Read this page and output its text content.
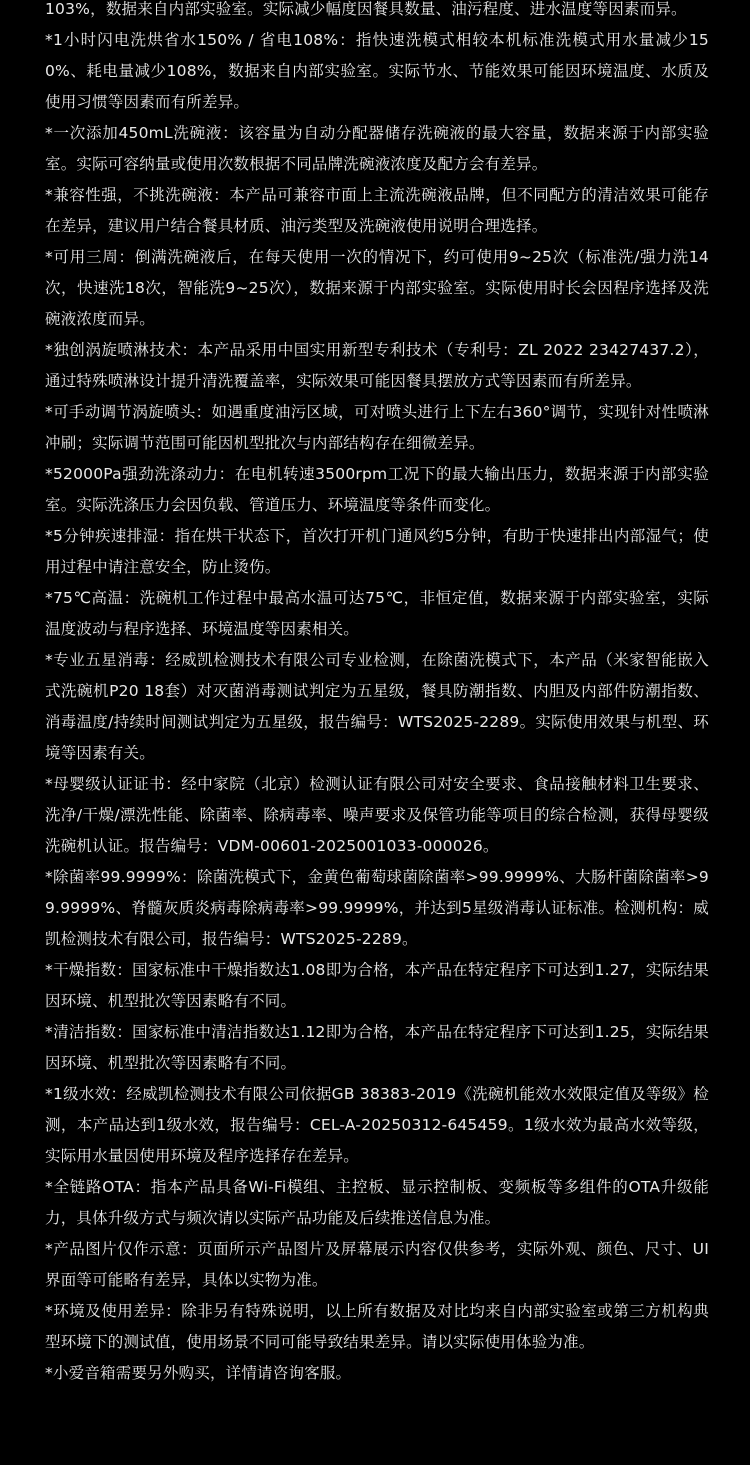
103%，数据来自内部实验室。实际减少幅度因餐具数量、油污程度、进水温度等因素而异。
*1小时闪电洗烘省水150% / 省电108%：指快速洗模式相较本机标准洗模式用水量减少150%、耗电量减少108%，数据来自内部实验室。实际节水、节能效果可能因环境温度、水质及使用习惯等因素而有所差异。
*一次添加450mL洗碗液：该容量为自动分配器储存洗碗液的最大容量，数据来源于内部实验室。实际可容纳量或使用次数根据不同品牌洗碗液浓度及配方会有差异。
*兼容性强，不挑洗碗液：本产品可兼容市面上主流洗碗液品牌，但不同配方的清洁效果可能存在差异，建议用户结合餐具材质、油污类型及洗碗液使用说明合理选择。
*可用三周：倒满洗碗液后，在每天使用一次的情况下，约可使用9~25次（标准洗/强力洗14次，快速洗18次，智能洗9~25次），数据来源于内部实验室。实际使用时长会因程序选择及洗碗液浓度而异。
*独创涡旋喷淋技术：本产品采用中国实用新型专利技术（专利号：ZL 2022 23427437.2），通过特殊喷淋设计提升清洗覆盖率，实际效果可能因餐具摆放方式等因素而有所差异。
*可手动调节涡旋喷头：如遇重度油污区域，可对喷头进行上下左右360°调节，实现针对性喷淋冲刷；实际调节范围可能因机型批次与内部结构存在细微差异。
*52000Pa强劲洗涤动力：在电机转速3500rpm工况下的最大输出压力，数据来源于内部实验室。实际洗涤压力会因负载、管道压力、环境温度等条件而变化。
*5分钟疾速排湿：指在烘干状态下，首次打开机门通风约5分钟，有助于快速排出内部湿气；使用过程中请注意安全，防止烫伤。
*75℃高温：洗碗机工作过程中最高水温可达75℃，非恒定值，数据来源于内部实验室，实际温度波动与程序选择、环境温度等因素相关。
*专业五星消毒：经威凯检测技术有限公司专业检测，在除菌洗模式下，本产品（米家智能嵌入式洗碗机P20 18套）对灭菌消毒测试判定为五星级，餐具防潮指数、内胆及内部件防潮指数、消毒温度/持续时间测试判定为五星级，报告编号：WTS2025-2289。实际使用效果与机型、环境等因素有关。
*母婴级认证证书：经中家院（北京）检测认证有限公司对安全要求、食品接触材料卫生要求、洗净/干燥/漂洗性能、除菌率、除病毒率、噪声要求及保管功能等项目的综合检测，获得母婴级洗碗机认证。报告编号：VDM-00601-2025001033-000026。
*除菌率99.9999%：除菌洗模式下，金黄色葡萄球菌除菌率>99.9999%、大肠杆菌除菌率>99.9999%、脊髓灰质炎病毒除病毒率>99.9999%，并达到5星级消毒认证标准。检测机构：威凯检测技术有限公司，报告编号：WTS2025-2289。
*干燥指数：国家标准中干燥指数达1.08即为合格，本产品在特定程序下可达到1.27，实际结果因环境、机型批次等因素略有不同。
*清洁指数：国家标准中清洁指数达1.12即为合格，本产品在特定程序下可达到1.25，实际结果因环境、机型批次等因素略有不同。
*1级水效：经威凯检测技术有限公司依据GB 38383-2019《洗碗机能效水效限定值及等级》检测，本产品达到1级水效，报告编号：CEL-A-20250312-645459。1级水效为最高水效等级，实际用水量因使用环境及程序选择存在差异。
*全链路OTA：指本产品具备Wi-Fi模组、主控板、显示控制板、变频板等多组件的OTA升级能力，具体升级方式与频次请以实际产品功能及后续推送信息为准。
*产品图片仅作示意：页面所示产品图片及屏幕展示内容仅供参考，实际外观、颜色、尺寸、UI界面等可能略有差异，具体以实物为准。
*环境及使用差异：除非另有特殊说明，以上所有数据及对比均来自内部实验室或第三方机构典型环境下的测试值，使用场景不同可能导致结果差异。请以实际使用体验为准。
*小爱音箱需要另外购买，详情请咨询客服。
